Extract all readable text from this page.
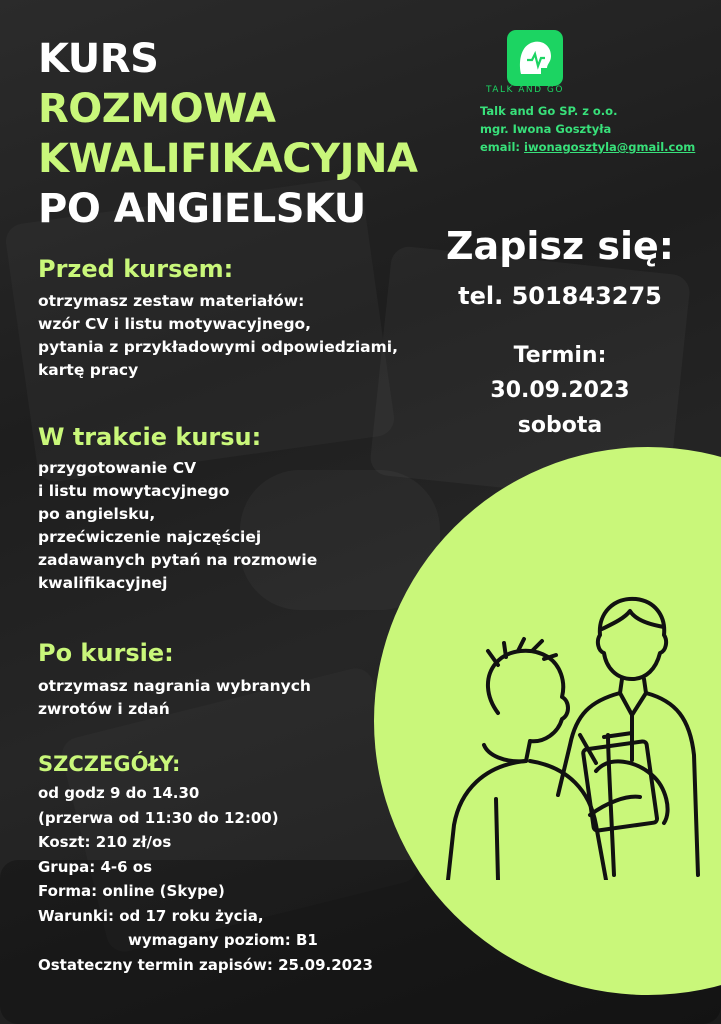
KURS
ROZMOWA
KWALIFIKACYJNA
PO ANGIELSKU
TALK AND GO
Talk and Go SP. z o.o.
mgr. Iwona Gosztyła
email: iwonagosztyla@gmail.com
Zapisz się:
tel. 501843275
Termin:
30.09.2023
sobota
Przed kursem:
otrzymasz zestaw materiałów:
wzór CV i listu motywacyjnego,
pytania z przykładowymi odpowiedziami,
kartę pracy
W trakcie kursu:
przygotowanie CV
i listu mowytacyjnego
po angielsku,
przećwiczenie najczęściej
zadawanych pytań na rozmowie
kwalifikacyjnej
Po kursie:
otrzymasz nagrania wybranych
zwrotów i zdań
SZCZEGÓŁY:
od godz 9 do 14.30
(przerwa od 11:30 do 12:00)
Koszt: 210 zł/os
Grupa: 4-6 os
Forma: online (Skype)
Warunki: od 17 roku życia,
wymagany poziom: B1
Ostateczny termin zapisów: 25.09.2023
